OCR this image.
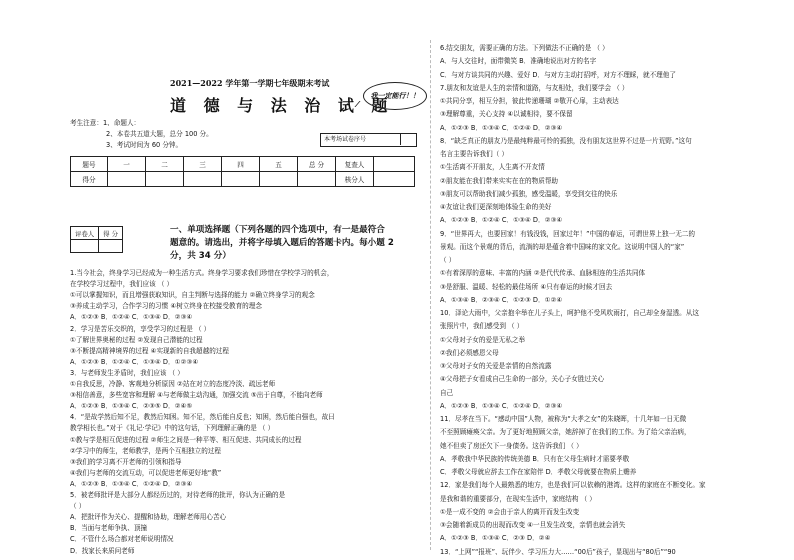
2021—2022 学年第一学期七年级期末考试
道 德 与 法 治 试 题
我一定能行！！
考生注意：1、命题人：
2、本卷共五道大题，总分 100 分。
3、考试时间为 60 分钟。
本考场试卷序号
题号	一	二	三	四	五	总 分	复查人	
得分							核分人	
评卷人	得 分
		一、单项选择题（下列各题的四个选项中，有一是最符合
题意的。请选出，并将字母填入题后的答题卡内。每小题 2
分，共 34 分）
1.当今社会，终身学习已经成为一种生活方式。终身学习要求我们珍惜在学校学习的机会，
在学校学习过程中，我们应该 （ ）
①可以掌握知识，而且增强获取知识，自主判断与选择的能力 ②确立终身学习的观念
③养成主动学习，合作学习的习惯 ④树立终身在校接受教育的理念
A．①②③ B．①②④ C．①③④ D．②③④
2．学习是苦乐交织的，享受学习的过程是 （ ）
①了解世界奥秘的过程 ②发现自己潜能的过程
③不断提高精神境界的过程 ④实现新的自我超越的过程
A．①②③ B．①②④ C．①③④ D．①②③④
3．与老师发生矛盾时，我们应该 （ ）
①自我反思，冷静、客观地分析原因 ②站在对立的态度冷淡、疏远老师
③相信善意，多些宽容和理解 ④与老师做主动沟通，加强交流 ⑤出于自尊，不能向老师
A．①②③ B．①③④ C．②③⑤ D．②④⑤
4．“是故学然后知不足，教然后知困。知不足，然后能自反也；知困，然后能自强也，故曰
教学相长也。”对于《礼记·学记》中的这句话，下列理解正确的是 （ ）
①教与学是相互促进的过程 ②师生之间是一种平等、相互促进、共同成长的过程
②学习中的师生，老师教学，是两个互相独立的过程
③我们的学习离不开老师的引领和指导
④我们与老师的交流互动，可以促进老师更好地“教”
A．①②③ B．①③④ C．①②④ D．②③④
5．被老师批评是大部分人都经历过的，对待老师的批评，你认为正确的是
（ ）
A．把批评作为关心、提醒和协助，理解老师用心苦心
B．当面与老师争执、顶撞
C．不管什么场合都对老师说明情况
D．找家长来质问老师
6.结交朋友，需要正确的方法。下列做法不正确的是 （ ）
A．与人交往时，面带微笑 B．准确地说出对方的名字
C．与对方谈共同的兴趣、爱好 D．与对方主动打招呼，对方不理睬，就不理他了
7.朋友和友谊是人生的亲情和道路，与友相处，我们要学会 （ ）
①共同分享，相互分担，彼此传递珊瑚 ②敬开心扉，主动表达
③理解尊重，关心支持 ④以诚相待，要不保留
A．①②③ B．①③④ C．①②④ D．②③④
8．“缺乏真正的朋友乃是最纯粹最可怜的孤独，没有朋友这世界不过是一片荒野。”这句
名言主要告诉我们（ ）
①生活离不开朋友，人生离不开友情
②朋友能在我们带来实实在在的物质帮助
③朋友可以帮助我们减少孤独，感受温暖，享受到交往的快乐
④友谊让我们更深刻地体验生命的美好
A．①②③ B．①②④ C．①③④ D．②③④
9．“世界再大，也要回家！有钱没钱，回家过年！”中国的春运，可谓世界上独一无二的
景观。而这个景观的背后，流淌的却是蕴含着中国味的家文化。这说明中国人的“家”
（ ）
①有着深厚的意味、丰富的内涵 ②是代代传承、血脉相连的生活共同体
③是舒服、温暖、轻松的最佳场所 ④只有春运的时候才回去
A．①③④ B．②③④ C．①②③ D．①②④
10．泽论大雨中，父亲抱伞举在儿子头上，呵护他不受风吹雨打，自己却全身湿透。从这
张照片中，我们感受到 （ ）
①父母对子女的爱是无私之举
②我们必须感恩父母
③父母对子女的关爱是亲情的自然流露
④父母把子女看成自己生命的一部分，关心子女胜过关心
自己
A．①②③ B．①③④ C．①②④ D．②③④
11．尽孝在当下。“感动中国”人物，被称为“大孝之女”的朱晓晖，十几年如一日无微
不至照顾瘫痪父亲。为了更好地照顾父亲，她辞掉了在我们的工作。为了给父亲治病，
她不但卖了房还欠下一身债务。这告诉我们 （ ）
A．孝敬我中华民族的传统美德 B．只有在父母生病时才需要孝敬
C．孝敬父母就应辞去工作在家陪伴 D．孝敬父母就要在物质上赡养
12．家是我们每个人最熟悉的地方，也是我们可以依赖的港湾。这样的家庭在不断变化。家
是我和谐的重要部分，在现实生活中，家庭结构 （ ）
①是一成不变的 ②会由于亲人的离开而发生改变
③会随着新成员的出现而改变 ④一旦发生改变，亲情也就会消失
A．①②③ B．①③④ C．②③ D．②④
13．“上网”“报班”、玩伴少、学习压力大……“00后”孩子，显现出与“80后”“90
